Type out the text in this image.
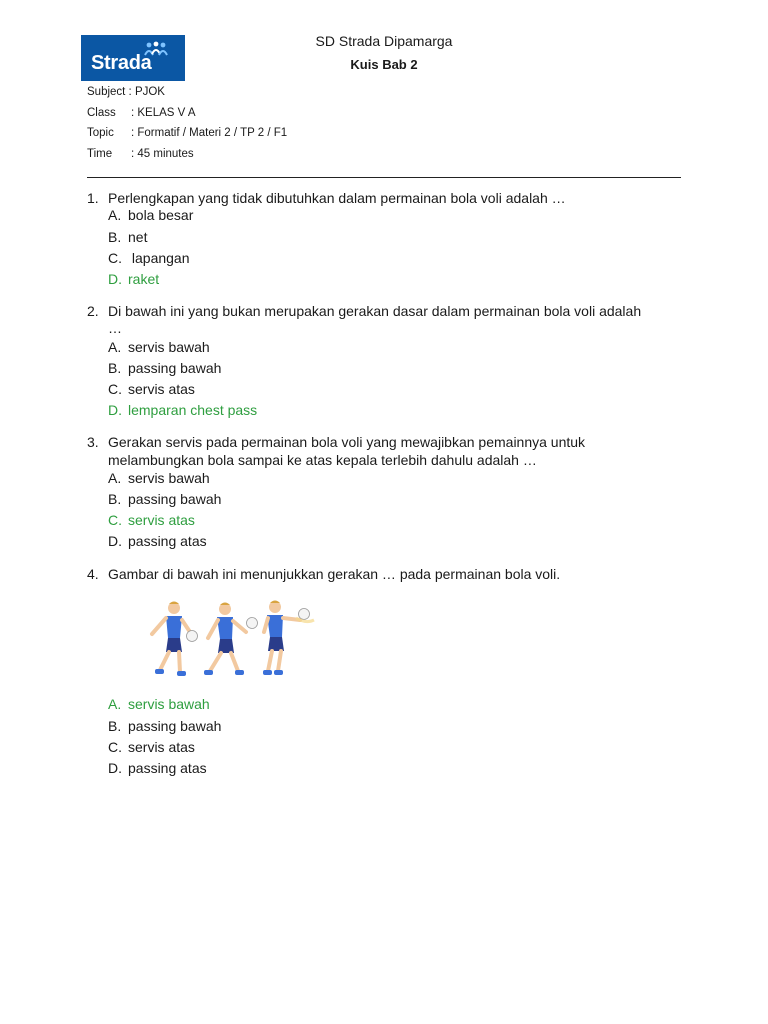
Strada
SD Strada Dipamarga
Kuis Bab 2
Subject : PJOK
Class : KELAS V A
Topic : Formatif / Materi 2 / TP 2 / F1
Time : 45 minutes
1. Perlengkapan yang tidak dibutuhkan dalam permainan bola voli adalah …
A. bola besar
B. net
C. lapangan
D. raket
2. Di bawah ini yang bukan merupakan gerakan dasar dalam permainan bola voli adalah
…
A. servis bawah
B. passing bawah
C. servis atas
D. lemparan chest pass
3. Gerakan servis pada permainan bola voli yang mewajibkan pemainnya untuk
melambungkan bola sampai ke atas kepala terlebih dahulu adalah …
A. servis bawah
B. passing bawah
C. servis atas
D. passing atas
4. Gambar di bawah ini menunjukkan gerakan … pada permainan bola voli.
A. servis bawah
B. passing bawah
C. servis atas
D. passing atas
